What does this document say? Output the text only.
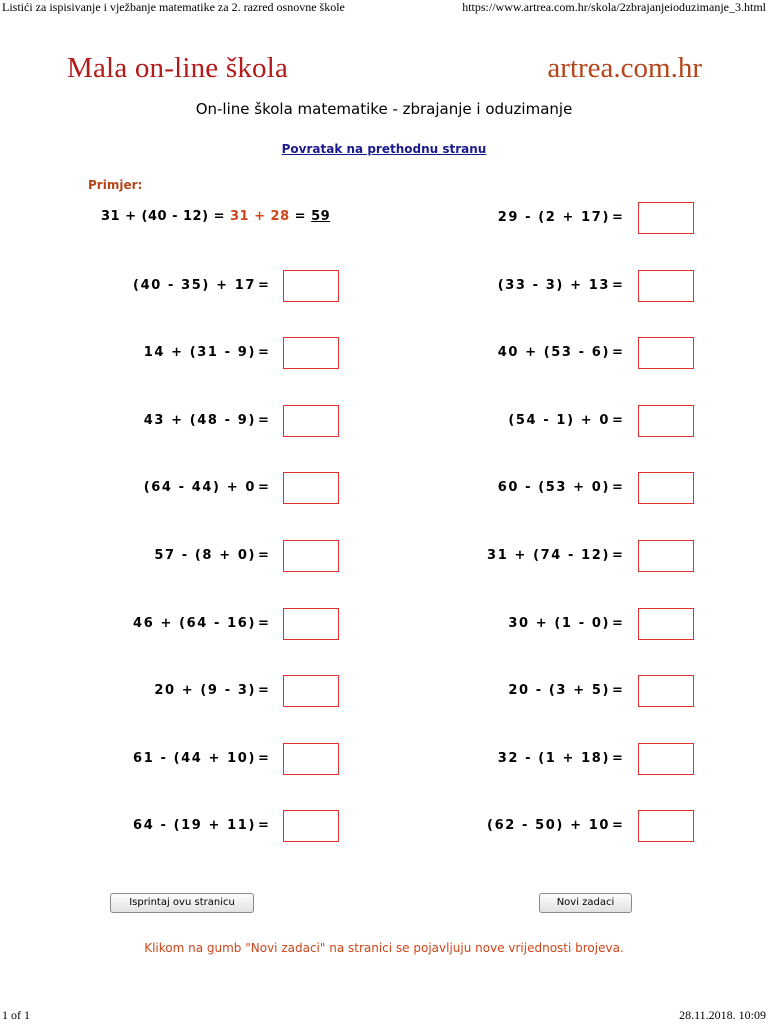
Listići za ispisivanje i vježbanje matematike za 2. razred osnovne škole	https://www.artrea.com.hr/skola/2zbrajanjeioduzimanje_3.html
Mala on-line škola	artrea.com.hr
On-line škola matematike - zbrajanje i oduzimanje
Povratak na prethodnu stranu
Primjer:
31 + (40 - 12) = 31 + 28 = 59
(40 - 35) + 17 =
14 + (31 - 9) =
43 + (48 - 9) =
(64 - 44) + 0 =
57 - (8 + 0) =
46 + (64 - 16) =
20 + (9 - 3) =
61 - (44 + 10) =
64 - (19 + 11) =
29 - (2 + 17) =
(33 - 3) + 13 =
40 + (53 - 6) =
(54 - 1) + 0 =
60 - (53 + 0) =
31 + (74 - 12) =
30 + (1 - 0) =
20 - (3 + 5) =
32 - (1 + 18) =
(62 - 50) + 10 =
Isprintaj ovu stranicu	Novi zadaci
Klikom na gumb "Novi zadaci" na stranici se pojavljuju nove vrijednosti brojeva.
1 of 1	28.11.2018. 10:09
